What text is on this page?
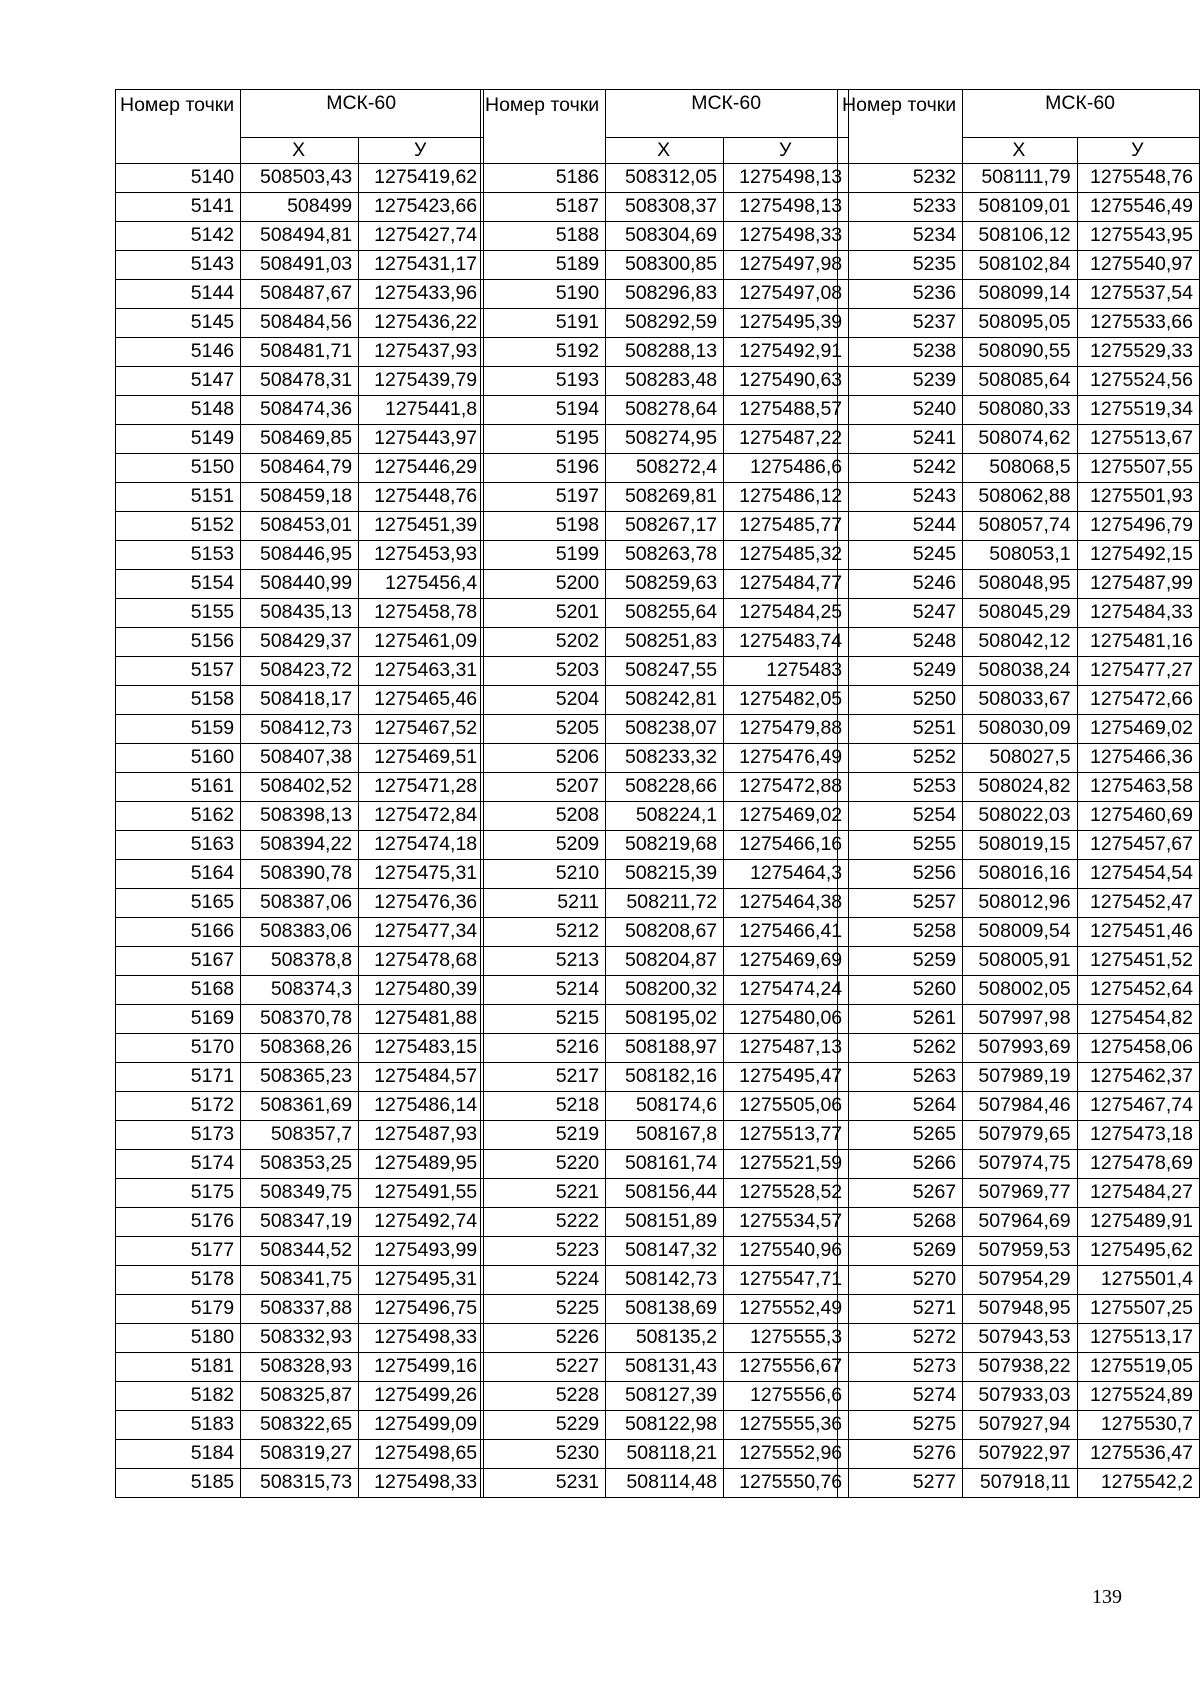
Номер точки	МСК-60	
	Х	У
5140	508503,43	1275419,62
5141	508499	1275423,66
5142	508494,81	1275427,74
5143	508491,03	1275431,17
5144	508487,67	1275433,96
5145	508484,56	1275436,22
5146	508481,71	1275437,93
5147	508478,31	1275439,79
5148	508474,36	1275441,8
5149	508469,85	1275443,97
5150	508464,79	1275446,29
5151	508459,18	1275448,76
5152	508453,01	1275451,39
5153	508446,95	1275453,93
5154	508440,99	1275456,4
5155	508435,13	1275458,78
5156	508429,37	1275461,09
5157	508423,72	1275463,31
5158	508418,17	1275465,46
5159	508412,73	1275467,52
5160	508407,38	1275469,51
5161	508402,52	1275471,28
5162	508398,13	1275472,84
5163	508394,22	1275474,18
5164	508390,78	1275475,31
5165	508387,06	1275476,36
5166	508383,06	1275477,34
5167	508378,8	1275478,68
5168	508374,3	1275480,39
5169	508370,78	1275481,88
5170	508368,26	1275483,15
5171	508365,23	1275484,57
5172	508361,69	1275486,14
5173	508357,7	1275487,93
5174	508353,25	1275489,95
5175	508349,75	1275491,55
5176	508347,19	1275492,74
5177	508344,52	1275493,99
5178	508341,75	1275495,31
5179	508337,88	1275496,75
5180	508332,93	1275498,33
5181	508328,93	1275499,16
5182	508325,87	1275499,26
5183	508322,65	1275499,09
5184	508319,27	1275498,65
5185	508315,73	1275498,33
Номер точки	МСК-60	
	Х	У
5186	508312,05	1275498,13
5187	508308,37	1275498,13
5188	508304,69	1275498,33
5189	508300,85	1275497,98
5190	508296,83	1275497,08
5191	508292,59	1275495,39
5192	508288,13	1275492,91
5193	508283,48	1275490,63
5194	508278,64	1275488,57
5195	508274,95	1275487,22
5196	508272,4	1275486,6
5197	508269,81	1275486,12
5198	508267,17	1275485,77
5199	508263,78	1275485,32
5200	508259,63	1275484,77
5201	508255,64	1275484,25
5202	508251,83	1275483,74
5203	508247,55	1275483
5204	508242,81	1275482,05
5205	508238,07	1275479,88
5206	508233,32	1275476,49
5207	508228,66	1275472,88
5208	508224,1	1275469,02
5209	508219,68	1275466,16
5210	508215,39	1275464,3
5211	508211,72	1275464,38
5212	508208,67	1275466,41
5213	508204,87	1275469,69
5214	508200,32	1275474,24
5215	508195,02	1275480,06
5216	508188,97	1275487,13
5217	508182,16	1275495,47
5218	508174,6	1275505,06
5219	508167,8	1275513,77
5220	508161,74	1275521,59
5221	508156,44	1275528,52
5222	508151,89	1275534,57
5223	508147,32	1275540,96
5224	508142,73	1275547,71
5225	508138,69	1275552,49
5226	508135,2	1275555,3
5227	508131,43	1275556,67
5228	508127,39	1275556,6
5229	508122,98	1275555,36
5230	508118,21	1275552,96
5231	508114,48	1275550,76
Номер точки	МСК-60	
	Х	У
5232	508111,79	1275548,76
5233	508109,01	1275546,49
5234	508106,12	1275543,95
5235	508102,84	1275540,97
5236	508099,14	1275537,54
5237	508095,05	1275533,66
5238	508090,55	1275529,33
5239	508085,64	1275524,56
5240	508080,33	1275519,34
5241	508074,62	1275513,67
5242	508068,5	1275507,55
5243	508062,88	1275501,93
5244	508057,74	1275496,79
5245	508053,1	1275492,15
5246	508048,95	1275487,99
5247	508045,29	1275484,33
5248	508042,12	1275481,16
5249	508038,24	1275477,27
5250	508033,67	1275472,66
5251	508030,09	1275469,02
5252	508027,5	1275466,36
5253	508024,82	1275463,58
5254	508022,03	1275460,69
5255	508019,15	1275457,67
5256	508016,16	1275454,54
5257	508012,96	1275452,47
5258	508009,54	1275451,46
5259	508005,91	1275451,52
5260	508002,05	1275452,64
5261	507997,98	1275454,82
5262	507993,69	1275458,06
5263	507989,19	1275462,37
5264	507984,46	1275467,74
5265	507979,65	1275473,18
5266	507974,75	1275478,69
5267	507969,77	1275484,27
5268	507964,69	1275489,91
5269	507959,53	1275495,62
5270	507954,29	1275501,4
5271	507948,95	1275507,25
5272	507943,53	1275513,17
5273	507938,22	1275519,05
5274	507933,03	1275524,89
5275	507927,94	1275530,7
5276	507922,97	1275536,47
5277	507918,11	1275542,2
139
